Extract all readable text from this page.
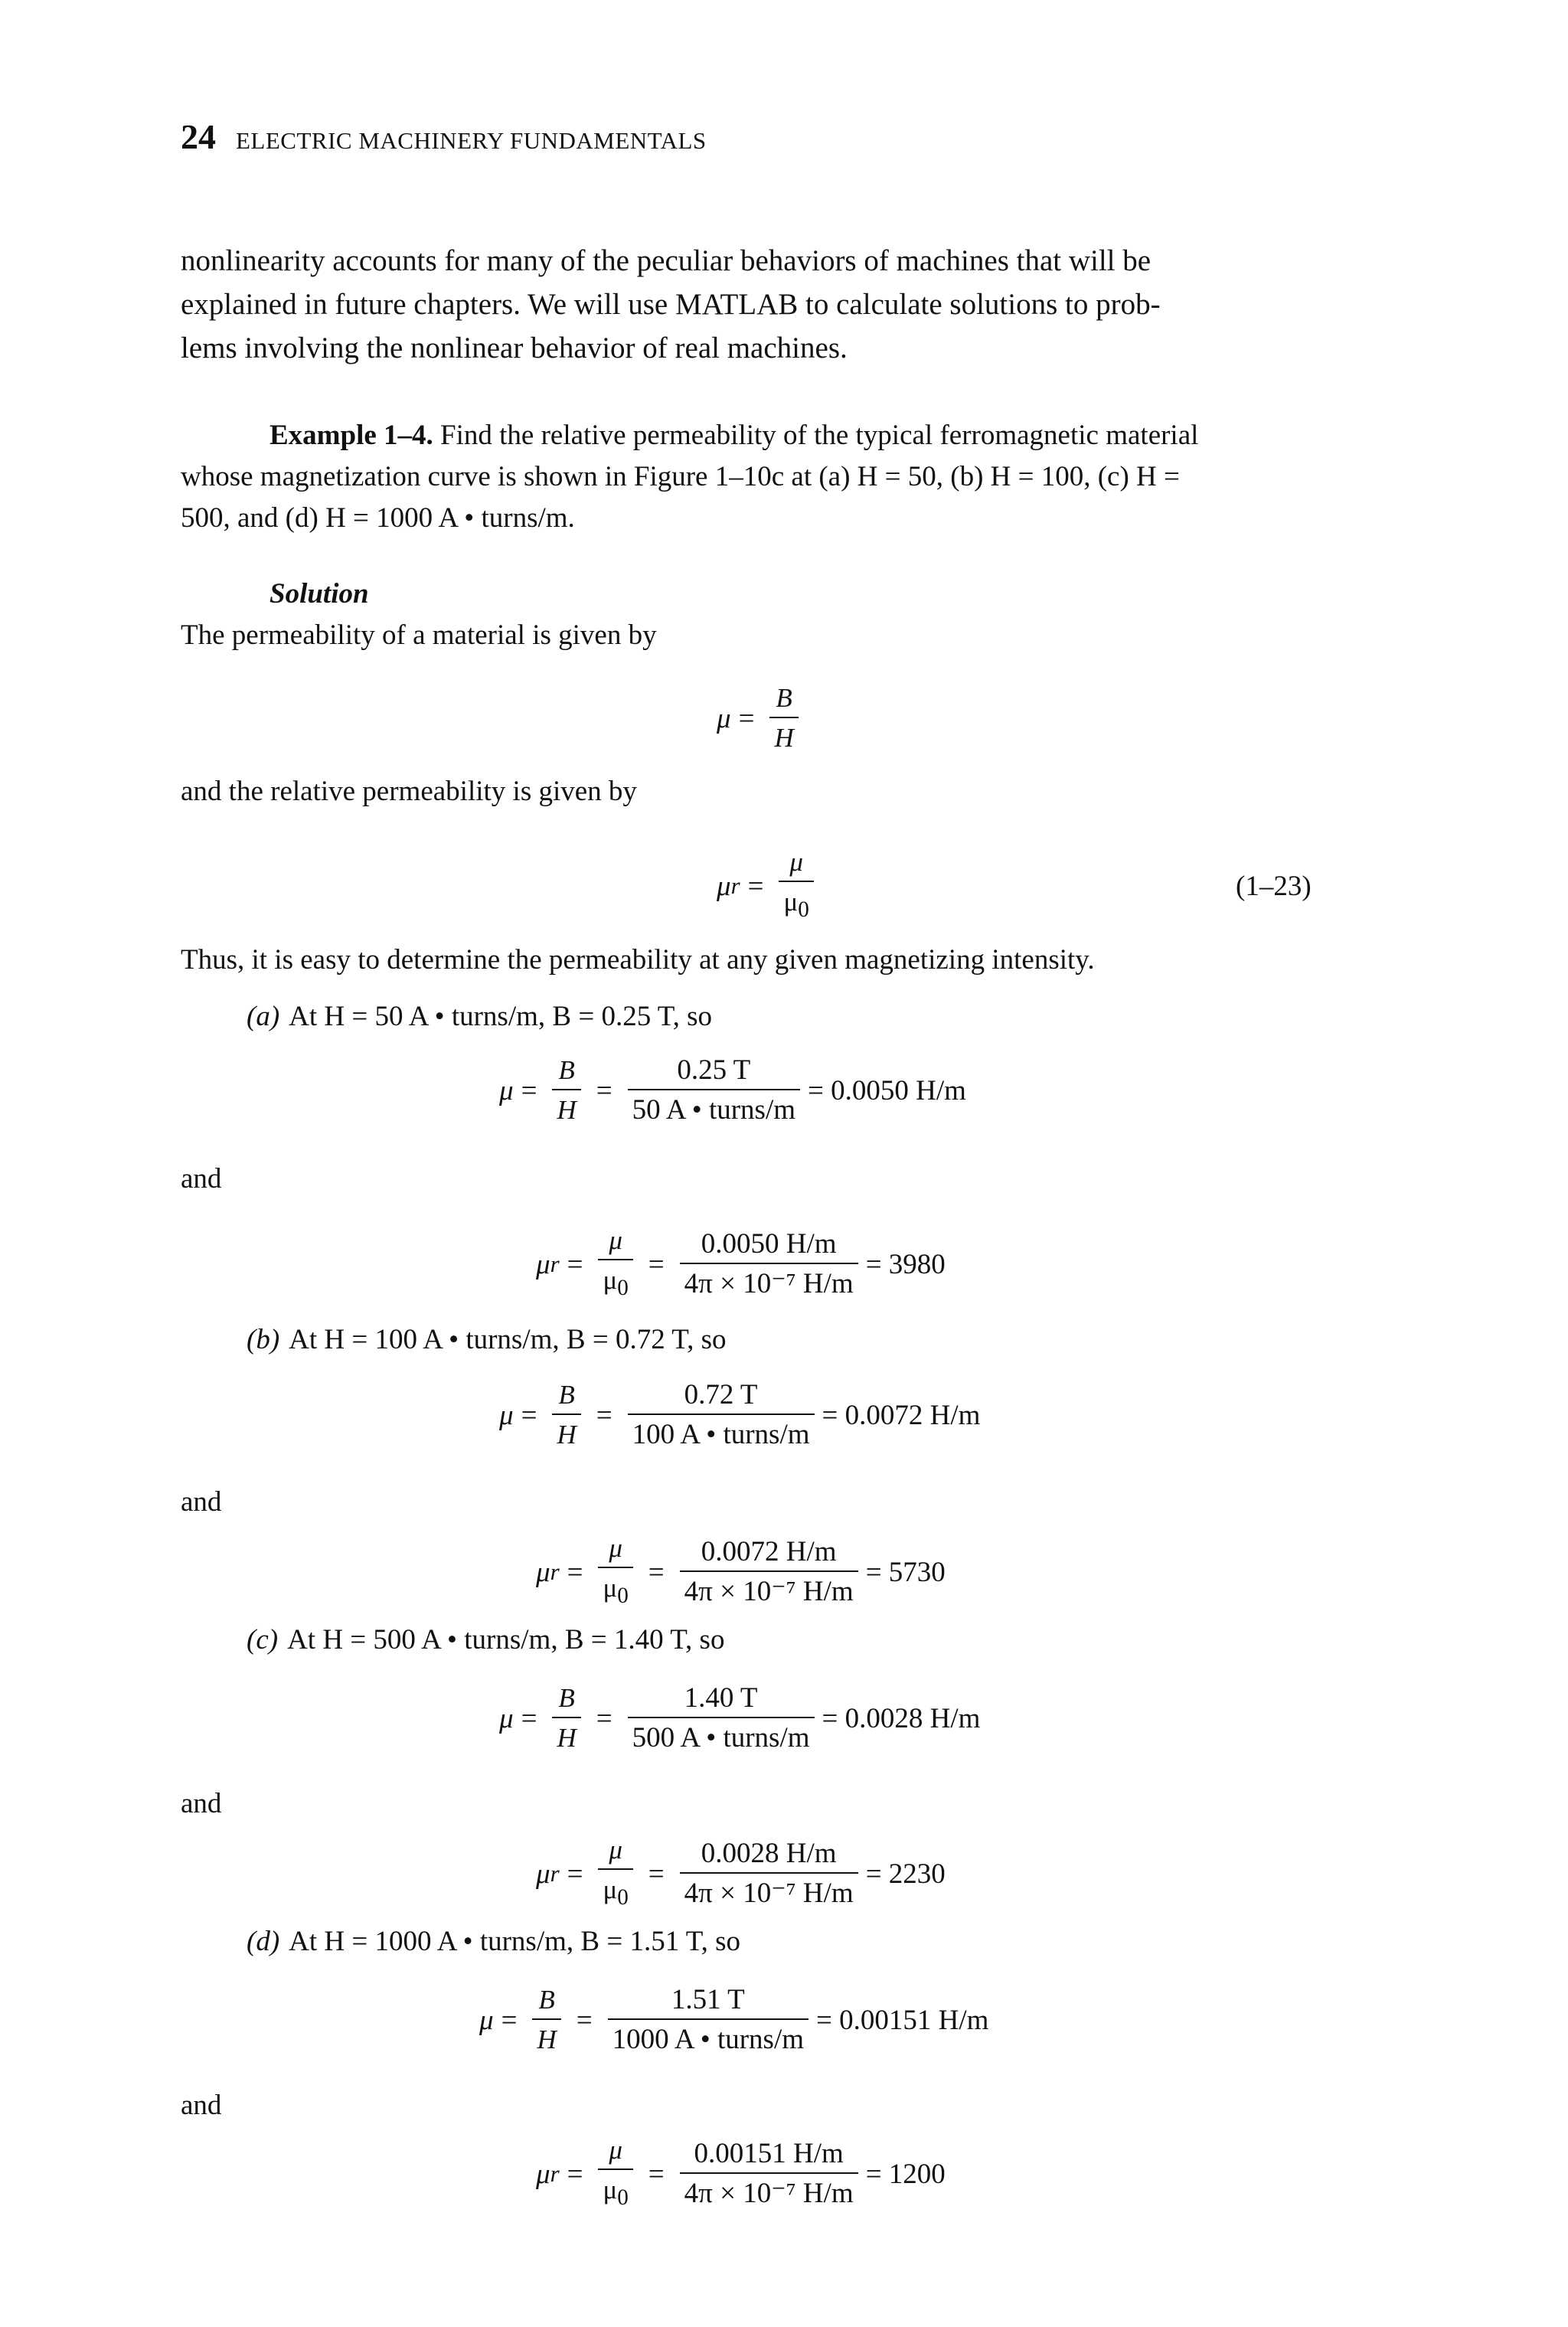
24 ELECTRIC MACHINERY FUNDAMENTALS
nonlinearity accounts for many of the peculiar behaviors of machines that will be
explained in future chapters. We will use MATLAB to calculate solutions to prob-
lems involving the nonlinear behavior of real machines.
Example 1–4. Find the relative permeability of the typical ferromagnetic material
whose magnetization curve is shown in Figure 1–10c at (a) H = 50, (b) H = 100, (c) H =
500, and (d) H = 1000 A • turns/m.
Solution
The permeability of a material is given by
$\mu = \frac{B}{H}$
and the relative permeability is given by
μ $r = \frac{\mu}{\mu_0}$	(1–23)
Thus, it is easy to determine the permeability at any given magnetizing intensity.
(a) At H = 50 A • turns/m, B = 0.25 T, so
$\mu = \frac{B}{H} = \frac{0.25 T}{\text{50 A • turns/m}} = 0.0050$ H/m
and
μ $r = \frac{\mu}{\mu_0} = \frac{0.0050 H/m}{\text{4π × 10⁻⁷ H/m}} = 3980$
(b) At H = 100 A • turns/m, B = 0.72 T, so
$\mu = \frac{B}{H} = \frac{0.72 T}{\text{100 A • turns/m}} = 0.0072$ H/m
and
μ $r = \frac{\mu}{\mu_0} = \frac{0.0072 H/m}{\text{4π × 10⁻⁷ H/m}} = 5730$
(c) At H = 500 A • turns/m, B = 1.40 T, so
$\mu = \frac{B}{H} = \frac{1.40 T}{\text{500 A • turns/m}} = 0.0028$ H/m
and
μ $r = \frac{\mu}{\mu_0} = \frac{0.0028 H/m}{\text{4π × 10⁻⁷ H/m}} = 2230$
(d) At H = 1000 A • turns/m, B = 1.51 T, so
$\mu = \frac{B}{H} = \frac{1.51 T}{\text{1000 A • turns/m}} = 0.00151$ H/m
and
μ $r = \frac{\mu}{\mu_0} = \frac{0.00151 H/m}{\text{4π × 10⁻⁷ H/m}} = 1200$
